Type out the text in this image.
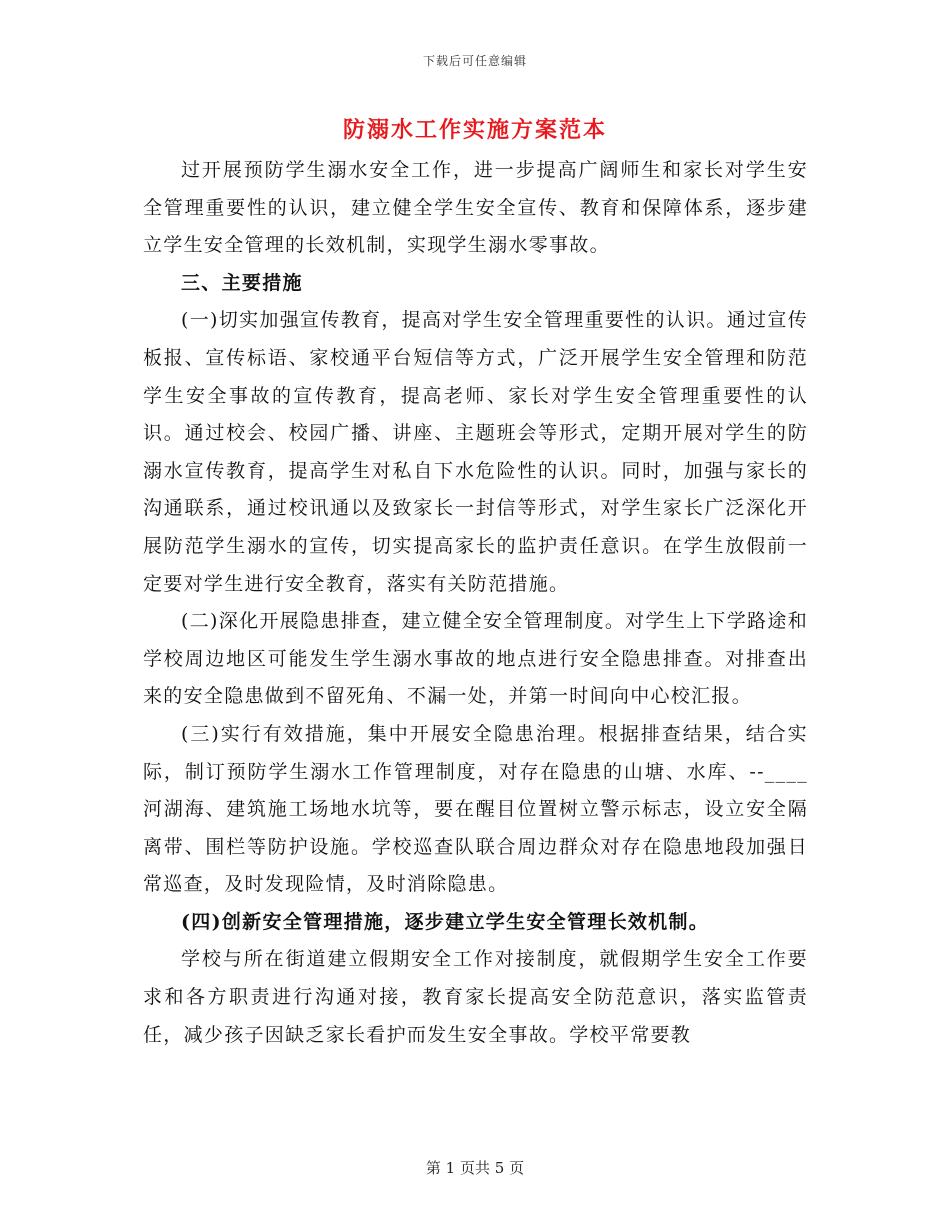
下载后可任意编辑
防溺水工作实施方案范本

过开展预防学生溺水安全工作，进一步提高广阔师生和家长对学生安全管理重要性的认识，建立健全学生安全宣传、教育和保障体系，逐步建立学生安全管理的长效机制，实现学生溺水零事故。

三、主要措施

(一)切实加强宣传教育，提高对学生安全管理重要性的认识。通过宣传板报、宣传标语、家校通平台短信等方式，广泛开展学生安全管理和防范学生安全事故的宣传教育，提高老师、家长对学生安全管理重要性的认识。通过校会、校园广播、讲座、主题班会等形式，定期开展对学生的防溺水宣传教育，提高学生对私自下水危险性的认识。同时，加强与家长的沟通联系，通过校讯通以及致家长一封信等形式，对学生家长广泛深化开展防范学生溺水的宣传，切实提高家长的监护责任意识。在学生放假前一定要对学生进行安全教育，落实有关防范措施。

(二)深化开展隐患排查，建立健全安全管理制度。对学生上下学路途和学校周边地区可能发生学生溺水事故的地点进行安全隐患排查。对排查出来的安全隐患做到不留死角、不漏一处，并第一时间向中心校汇报。

(三)实行有效措施，集中开展安全隐患治理。根据排查结果，结合实际，制订预防学生溺水工作管理制度，对存在隐患的山塘、水库、--____河湖海、建筑施工场地水坑等，要在醒目位置树立警示标志，设立安全隔离带、围栏等防护设施。学校巡查队联合周边群众对存在隐患地段加强日常巡查，及时发现险情，及时消除隐患。

(四)创新安全管理措施，逐步建立学生安全管理长效机制。

学校与所在街道建立假期安全工作对接制度，就假期学生安全工作要求和各方职责进行沟通对接，教育家长提高安全防范意识，落实监管责任，减少孩子因缺乏家长看护而发生安全事故。学校平常要教

第 1 页共 5 页
